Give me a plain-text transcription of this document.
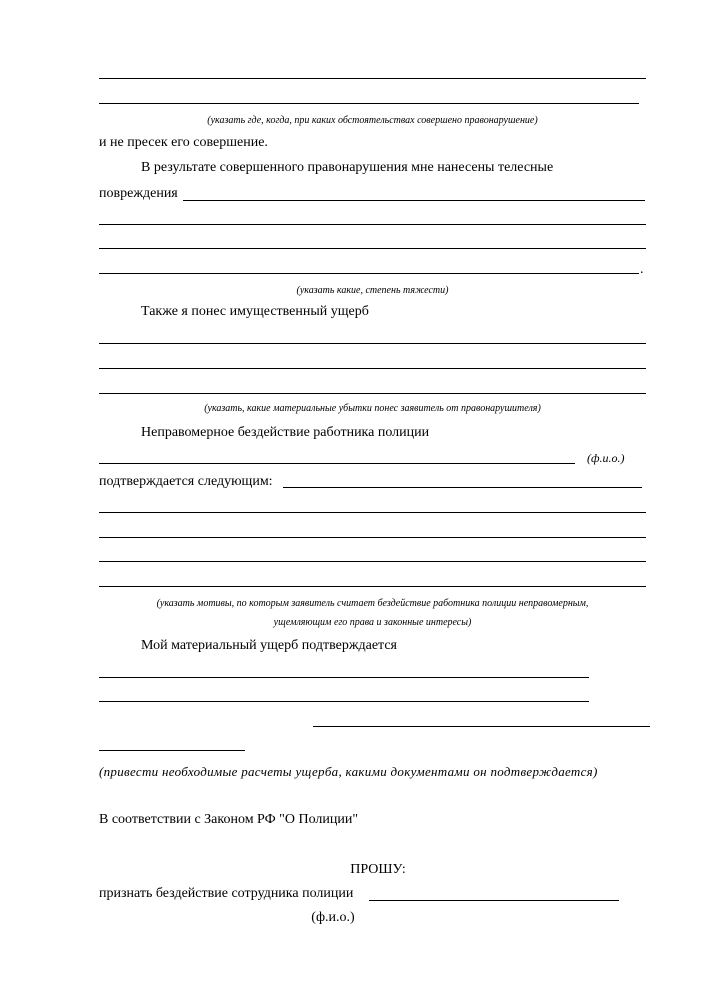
(указать где, когда, при каких обстоятельствах совершено правонарушение)
и не пресек его совершение.
В результате совершенного правонарушения мне нанесены телесные
повреждения
.
(указать какие, степень тяжести)
Также я понес имущественный ущерб
(указать, какие материальные убытки понес заявитель от правонарушителя)
Неправомерное бездействие работника полиции
(ф.и.о.)
подтверждается следующим:
(указать мотивы, по которым заявитель считает бездействие работника полиции неправомерным,
ущемляющим его права и законные интересы)
Мой материальный ущерб подтверждается
(привести необходимые расчеты ущерба, какими документами он подтверждается)
В соответствии с Законом РФ "О Полиции"
ПРОШУ:
признать бездействие сотрудника полиции
(ф.и.о.)
